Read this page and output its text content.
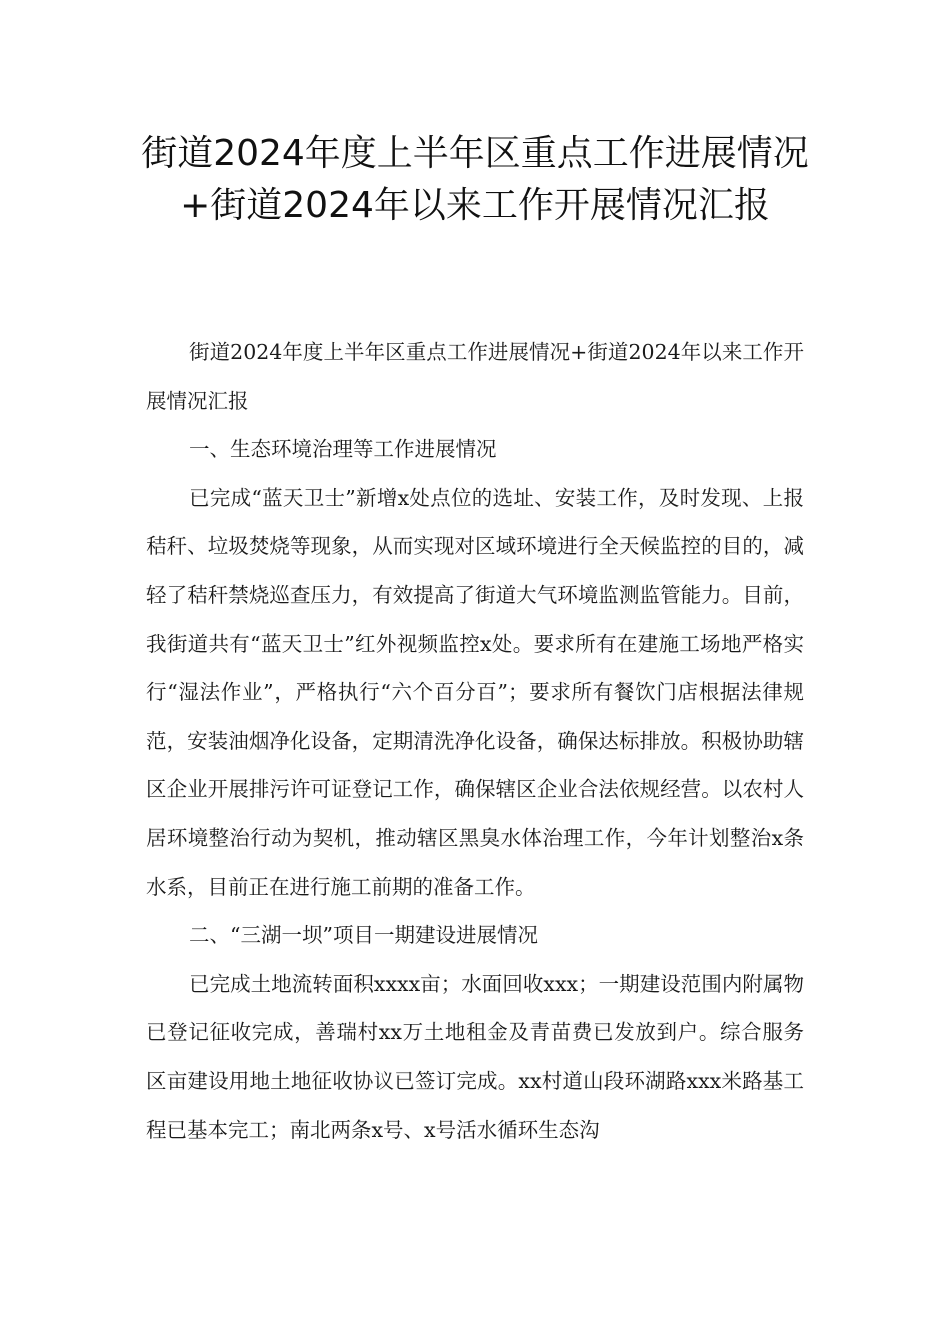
街道2024年度上半年区重点工作进展情况+街道2024年以来工作开展情况汇报

街道2024年度上半年区重点工作进展情况+街道2024年以来工作开展情况汇报

一、生态环境治理等工作进展情况

已完成“蓝天卫士”新增x处点位的选址、安装工作，及时发现、上报秸秆、垃圾焚烧等现象，从而实现对区域环境进行全天候监控的目的，减轻了秸秆禁烧巡查压力，有效提高了街道大气环境监测监管能力。目前，我街道共有“蓝天卫士”红外视频监控x处。要求所有在建施工场地严格实行“湿法作业”，严格执行“六个百分百”；要求所有餐饮门店根据法律规范，安装油烟净化设备，定期清洗净化设备，确保达标排放。积极协助辖区企业开展排污许可证登记工作，确保辖区企业合法依规经营。以农村人居环境整治行动为契机，推动辖区黑臭水体治理工作，今年计划整治x条水系，目前正在进行施工前期的准备工作。

二、“三湖一坝”项目一期建设进展情况

已完成土地流转面积xxxx亩；水面回收xxx；一期建设范围内附属物已登记征收完成，善瑞村xx万土地租金及青苗费已发放到户。综合服务区亩建设用地土地征收协议已签订完成。xx村道山段环湖路xxx米路基工程已基本完工；南北两条x号、x号活水循环生态沟
